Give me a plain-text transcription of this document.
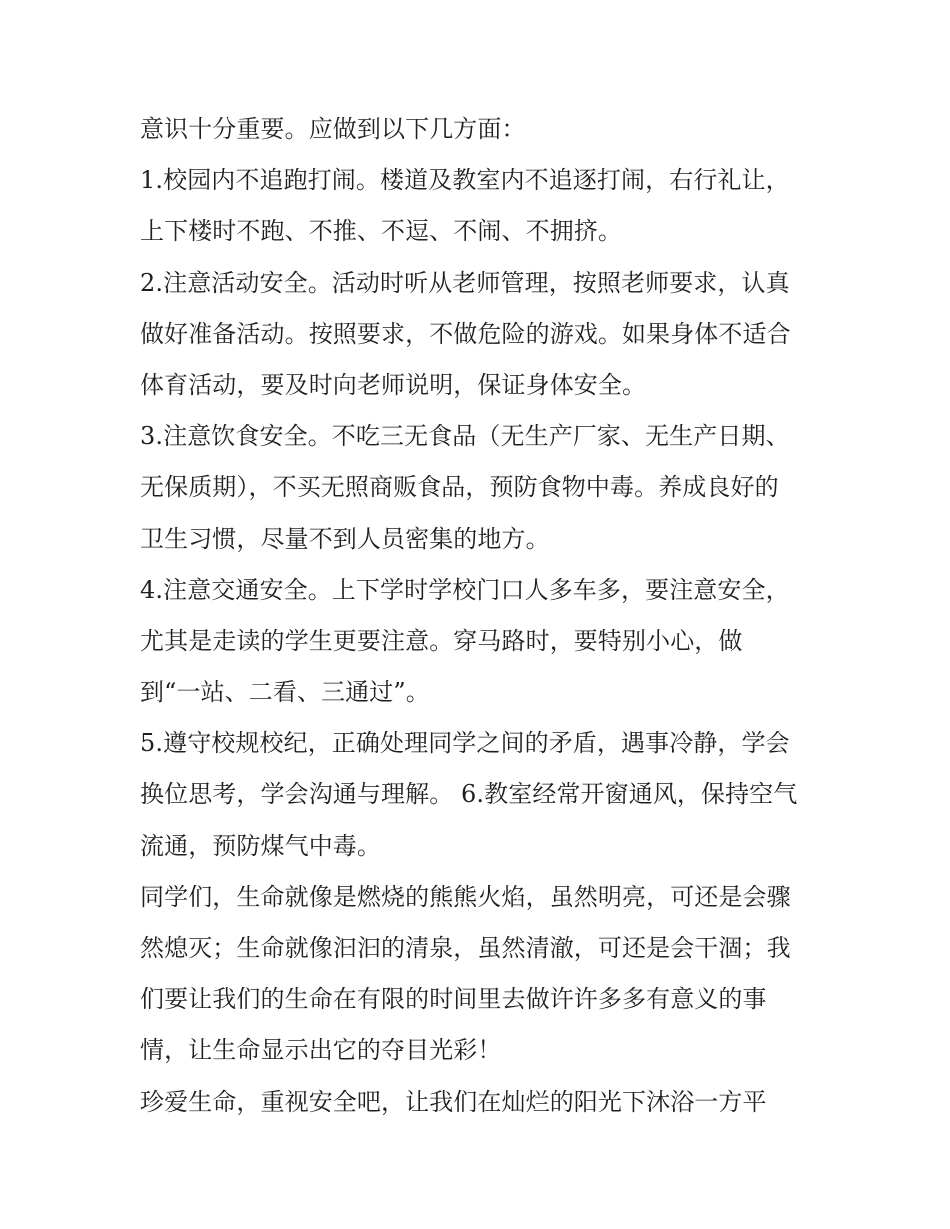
意识十分重要。应做到以下几方面：
1.校园内不追跑打闹。楼道及教室内不追逐打闹，右行礼让，
上下楼时不跑、不推、不逗、不闹、不拥挤。
2.注意活动安全。活动时听从老师管理，按照老师要求，认真
做好准备活动。按照要求，不做危险的游戏。如果身体不适合
体育活动，要及时向老师说明，保证身体安全。
3.注意饮食安全。不吃三无食品（无生产厂家、无生产日期、
无保质期），不买无照商贩食品，预防食物中毒。养成良好的
卫生习惯，尽量不到人员密集的地方。
4.注意交通安全。上下学时学校门口人多车多，要注意安全，
尤其是走读的学生更要注意。穿马路时，要特别小心，做
到“一站、二看、三通过”。
5.遵守校规校纪，正确处理同学之间的矛盾，遇事冷静，学会
换位思考，学会沟通与理解。 6.教室经常开窗通风，保持空气
流通，预防煤气中毒。
同学们，生命就像是燃烧的熊熊火焰，虽然明亮，可还是会骤
然熄灭；生命就像汩汩的清泉，虽然清澈，可还是会干涸；我
们要让我们的生命在有限的时间里去做许许多多有意义的事
情，让生命显示出它的夺目光彩！
珍爱生命，重视安全吧，让我们在灿烂的阳光下沐浴一方平
